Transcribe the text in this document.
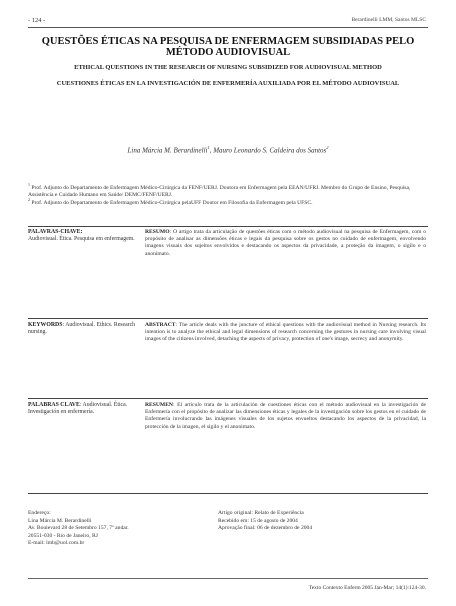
- 124 -	Berardinelli LMM, Santos MLSC
QUESTÕES ÉTICAS NA PESQUISA DE ENFERMAGEM SUBSIDIADAS PELO MÉTODO AUDIOVISUAL
ETHICAL QUESTIONS IN THE RESEARCH OF NURSING SUBSIDIZED FOR AUDIOVISUAL METHOD
CUESTIONES ÉTICAS EN LA INVESTIGACIÓN DE ENFERMERÍA AUXILIADA POR EL MÉTODO AUDIOVISUAL
Lina Márcia M. Berardinelli$^1$, Mauro Leonardo S. Caldeira dos Santos$^2$
$^1$ Prof. Adjunto do Departamento de Enfermagem Médico-Cirúrgica da FENF/UERJ. Doutora em Enfermagem pela EEAN/UFRJ. Membro do Grupo de Ensino, Pesquisa, Assistência e Cuidado Humano em Saúde/ DEMC/FENF/UERJ.
$^2$ Prof. Adjunto do Departamento de Enfermagem Médico-Cirúrgica pelaUFF Doutor em Filosofia da Enfermagem pela UFSC.
PALAVRAS-CHAVE:
Audiovisual. Ética. Pesquisa em enfermagem.
RESUMO: O artigo trata da articulação de questões éticas com o método audiovisual na pesquisa de Enfermagem, com o propósito de analisar as dimensões éticas e legais da pesquisa sobre os gestos no cuidado de enfermagem, envolvendo imagens visuais dos sujeitos envolvidos e destacando os aspectos da privacidade, a proteção da imagem, o sigilo e o anonimato.
KEYWORDS: Audiovisual. Ethics. Research nursing.
ABSTRACT: The article deals with the juncture of ethical questions with the audiovisual method in Nursing research. Its intention is to analyze the ethical and legal dimensions of research concerning the gestures in nursing care involving visual images of the citizens involved, detaching the aspects of privacy, protection of one's image, secrecy and anonymity.
PALABRAS CLAVE: Audiovisual. Ética. Investigación en enfermería.
RESUMEN: El artículo trata de la articulación de cuestiones éticas con el método audiovisual en la investigación de Enfermería con el propósito de analizar las dimensiones éticas y legales de la investigación sobre los gestos en el cuidado de Enfermería involucrando las imágenes visuales de los sujetos envueltos destacando los aspectos de la privacidad, la protección de la imagen, el sigilo y el anonimato.
Endereço:
Lina Márcia M. Berardinelli
Av. Boulevard 28 de Setembro 157, 7º andar.
20551-030 - Rio de Janeiro, RJ
E-mail: lmb@uol.com.br
Artigo original: Relato de Experiência
Recebido em: 15 de agosto de 2004
Aprovação final: 06 de dezembro de 2004
Texto Contexto Enferm 2005 Jan-Mar; 14(1):124-30.
